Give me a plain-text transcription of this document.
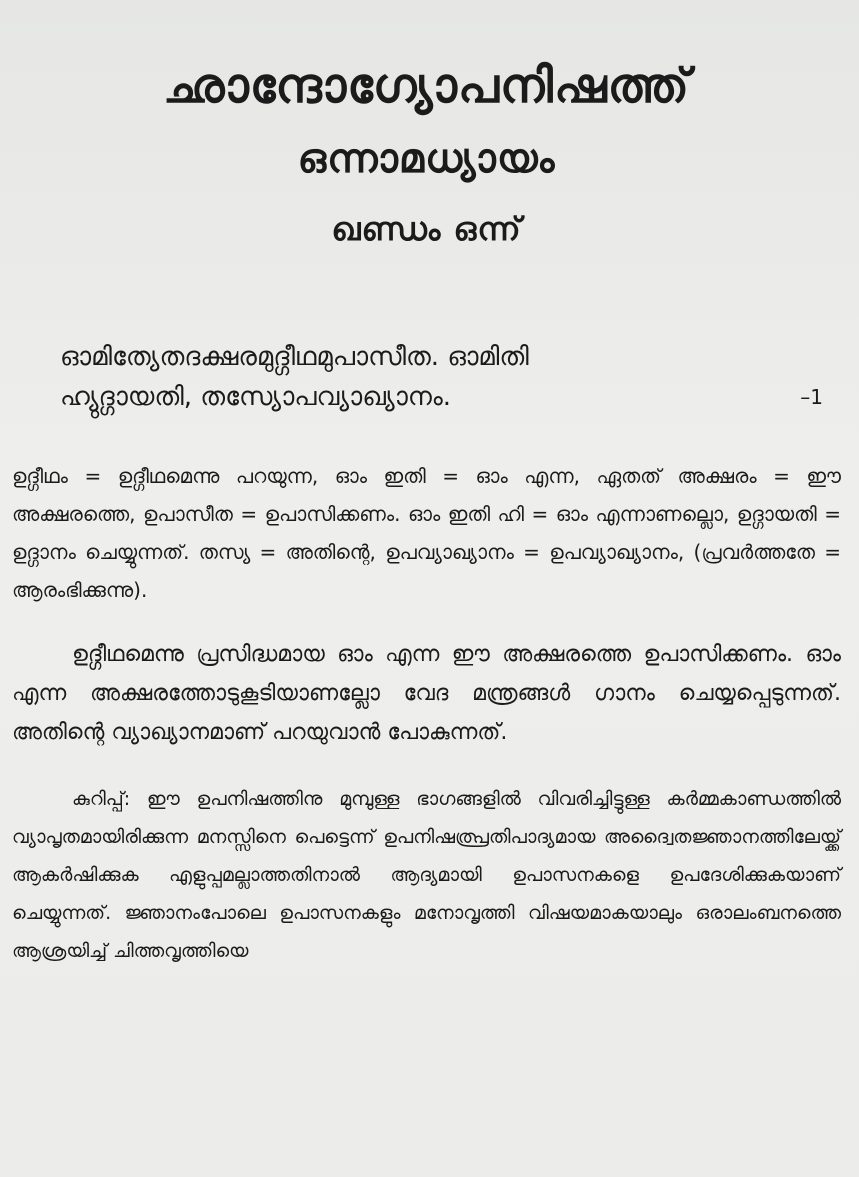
ഛാന്ദോഗ്യോപനിഷത്ത്
ഒന്നാമധ്യായം
ഖണ്ഡം ഒന്ന്
ഓമിത്യേതദക്ഷരമുദ്ഗീഥമുപാസീത. ഓമിതി
ഹ്യുദ്ഗായതി, തസ്യോപവ്യാഖ്യാനം.	–1
ഉദ്ഗീഥം = ഉദ്ഗീഥമെന്നു പറയുന്ന, ഓം ഇതി = ഓം എന്ന, ഏതത് അക്ഷരം = ഈ അക്ഷരത്തെ, ഉപാസീത = ഉപാസിക്കണം. ഓം ഇതി ഹി = ഓം എന്നാണല്ലൊ, ഉദ്ഗായതി = ഉദ്ഗാനം ചെയ്യുന്നത്. തസ്യ = അതിന്റെ, ഉപവ്യാഖ്യാനം = ഉപവ്യാഖ്യാനം, (പ്രവർത്തതേ = ആരംഭിക്കുന്നു).
ഉദ്ഗീഥമെന്നു പ്രസിദ്ധമായ ഓം എന്ന ഈ അക്ഷരത്തെ ഉപാസിക്കണം. ഓം എന്ന അക്ഷരത്തോടുകൂടിയാണല്ലോ വേദ മന്ത്രങ്ങൾ ഗാനം ചെയ്യപ്പെടുന്നത്. അതിന്റെ വ്യാഖ്യാനമാണ് പറയുവാൻ പോകുന്നത്.
കുറിപ്പ്: ഈ ഉപനിഷത്തിനു മുമ്പുള്ള ഭാഗങ്ങളിൽ വിവരിച്ചിട്ടുള്ള കർമ്മകാണ്ഡത്തിൽ വ്യാപൃതമായിരിക്കുന്ന മനസ്സിനെ പെട്ടെന്ന് ഉപനിഷത്പ്രതിപാദ്യമായ അദ്വൈതജ്ഞാനത്തിലേയ്ക്ക് ആകർഷിക്കുക എളുപ്പമല്ലാത്തതിനാൽ ആദ്യമായി ഉപാസനകളെ ഉപദേശിക്കുകയാണ് ചെയ്യുന്നത്. ജ്ഞാനംപോലെ ഉപാസനകളും മനോവൃത്തി വിഷയമാകയാലും ഒരാലംബനത്തെ ആശ്രയിച്ച് ചിത്തവൃത്തിയെ
